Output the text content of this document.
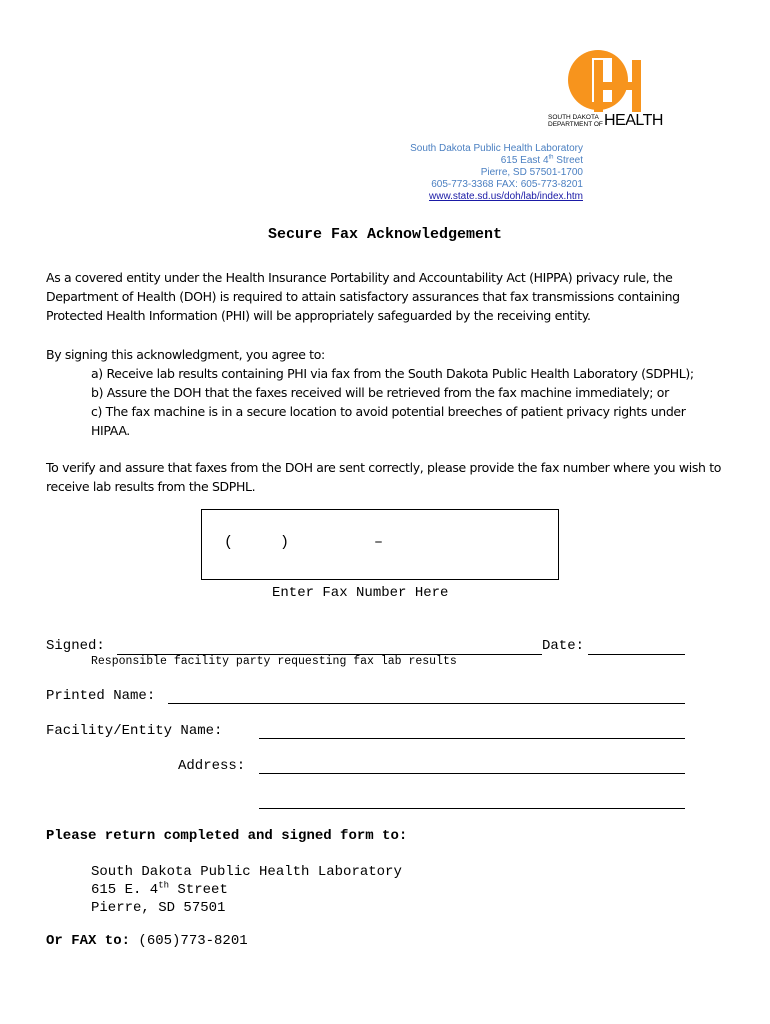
SOUTH DAKOTA
DEPARTMENT OF HEALTH
South Dakota Public Health Laboratory
615 East 4th Street
Pierre, SD 57501-1700
605-773-3368 FAX: 605-773-8201
www.state.sd.us/doh/lab/index.htm
Secure Fax Acknowledgement
As a covered entity under the Health Insurance Portability and Accountability Act (HIPPA) privacy rule, the Department of Health (DOH) is required to attain satisfactory assurances that fax transmissions containing Protected Health Information (PHI) will be appropriately safeguarded by the receiving entity.
By signing this acknowledgment, you agree to:
a) Receive lab results containing PHI via fax from the South Dakota Public Health Laboratory (SDPHL);
b) Assure the DOH that the faxes received will be retrieved from the fax machine immediately; or
c) The fax machine is in a secure location to avoid potential breeches of patient privacy rights under HIPAA.
To verify and assure that faxes from the DOH are sent correctly, please provide the fax number where you wish to receive lab results from the SDPHL.
(	)	–
Enter Fax Number Here
Signed:	Date:
Responsible facility party requesting fax lab results
Printed Name:
Facility/Entity Name:
Address:
Please return completed and signed form to:
South Dakota Public Health Laboratory
615 E. 4th Street
Pierre, SD 57501
Or FAX to: (605)773-8201
